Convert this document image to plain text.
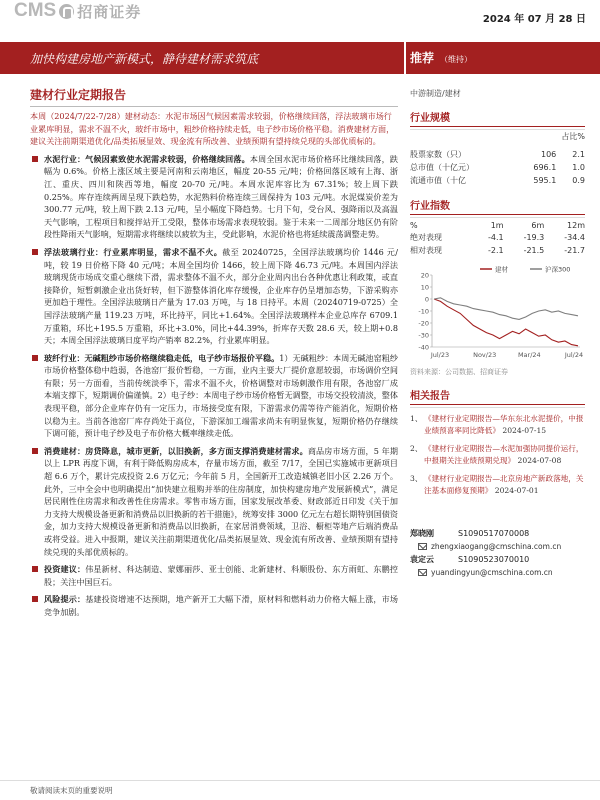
CMS 招商证券	2024 年 07 月 28 日
加快构建房地产新模式，静待建材需求筑底	推荐 （维持）
建材行业定期报告
本周（2024/7/22-7/28）建材动态：水泥市场因气候因素需求较弱，价格继续回落，浮法玻璃市场行业累库明显，需求不温不火，玻纤市场中，粗纱价格持续走低，电子纱市场价格平稳。消费建材方面，建议关注前期渠道优化/品类拓展显效、现金流有所改善、业绩预期有望持续兑现的头部优质标的。
水泥行业：气候因素致使水泥需求较弱，价格继续回落。本周全国水泥市场价格环比继续回落，跌幅为 0.6%。价格上涨区域主要是河南和云南地区，幅度 20-55 元/吨；价格回落区域有上海、浙江、重庆、四川和陕西等地，幅度 20-70 元/吨。本周水泥库容比为 67.31%；较上周下跌 0.25%。库存连续两周呈现下跌趋势，水泥熟料价格连续三周保持为 103 元/吨。水泥煤炭价差为 300.77 元/吨，较上周下跌 2.13 元/吨，呈小幅度下降趋势。七月下旬，受台风、强降雨以及高温天气影响，工程项目和搅拌站开工受限，整体市场需求表现较弱。鉴于未来一二周部分地区仍有阶段性降雨天气影响，短期需求将继续以疲软为主，受此影响，水泥价格也将延续震荡调整走势。
浮法玻璃行业：行业累库明显，需求不温不火。截至 20240725，全国浮法玻璃均价 1446 元/吨，较 19 日价格下降 40 元/吨；本周全国均价 1466，较上周下降 46.73 元/吨。本周国内浮法玻璃现货市场成交重心继续下滑，需求整体不温不火，部分企业周内出台各种优惠让利政策，或直接降价，短暂刺激企业出货好转，但下游整体消化库存缓慢，企业库存仍呈增加态势，下游采购亦更加趋于理性。全国浮法玻璃日产量为 17.03 万吨，与 18 日持平。本周（20240719-0725）全国浮法玻璃产量 119.23 万吨，环比持平，同比+1.64%。全国浮法玻璃样本企业总库存 6709.1 万重箱，环比+195.5 万重箱，环比+3.0%，同比+44.39%，折库存天数 28.6 天，较上期+0.8 天；本周全国浮法玻璃日度平均产销率 82.2%，行业累库明显。
玻纤行业：无碱粗纱市场价格继续稳走低，电子纱市场报价平稳。1）无碱粗纱：本周无碱池窑粗纱市场价格整体稳中趋弱，各池窑厂报价暂稳，一方面，业内主要大厂提价意愿较弱，市场调价空间有限；另一方面看，当前传统淡季下，需求不温不火，价格调整对市场刺激作用有限，各池窑厂成本端支撑下，短期调价偏谨慎。2）电子纱：本周电子纱市场价格暂无调整，市场交投较清淡，整体表现平稳，部分企业库存仍有一定压力，市场接受度有限，下游需求仍需等待产能消化，短期价格以稳为主。当前各池窑厂库存尚处于高位，下游深加工端需求尚未有明显恢复，短期价格仍存继续下调可能，预计电子纱及电子布价格大概率继续走低。
消费建材：房贷降息，城市更新，以旧换新，多方面支撑消费建材需求。商品房市场方面，5 年期以上 LPR 再度下调，有利于降低购房成本，存量市场方面，截至 7/17，全国已实施城市更新项目超 6.6 万个，累计完成投资 2.6 万亿元；今年前 5 月，全国新开工改造城镇老旧小区 2.26 万个。此外，三中全会中也明确提出“加快建立租购并举的住房制度，加快构建房地产发展新模式”，满足居民刚性住房需求和改善性住房需求。零售市场方面，国家发展改革委、财政部近日印发《关于加力支持大规模设备更新和消费品以旧换新的若干措施》，统筹安排 3000 亿元左右超长期特别国债资金，加力支持大规模设备更新和消费品以旧换新，在家居消费领域，卫浴、橱柜等地产后端消费品或将受益。进入中报期，建议关注前期渠道优化/品类拓展显效、现金流有所改善、业绩预期有望持续兑现的头部优质标的。
投资建议：伟星新材、科达制造、蒙娜丽莎、亚士创能、北新建材、科顺股份、东方雨虹、东鹏控股；关注中国巨石。
风险提示：基建投资增速不达预期，地产新开工大幅下滑，原材料和燃料动力价格大幅上涨，市场竞争加剧。
中游制造/建材
行业规模
占比%
股票家数（只）	106	2.1
总市值（十亿元）	696.1	1.0
流通市值（十亿	595.1	0.9
行业指数
%	1m	6m	12m
绝对表现	-4.1	-19.3	-34.4
相对表现	-2.1	-21.5	-21.7
20
10
0
-10
-20
-30
-40
Jul/23	Nov/23	Mar/24	Jul/24
建材	沪深300
资料来源：公司数据、招商证券
相关报告
1、 《建材行业定期报告—华东东北水泥提价，中报业绩预喜率同比降低》 2024-07-15
2、 《建材行业定期报告—水泥加强协同提价运行，中报期关注业绩预期兑现》 2024-07-08
3、 《建材行业定期报告—北京房地产新政落地，关注基本面修复预期》 2024-07-01
郑晓刚	S1090517070008
zhengxiaogang@cmschina.com.cn
袁定云	S1090523070010
yuandingyun@cmschina.com.cn
敬请阅读末页的重要说明
